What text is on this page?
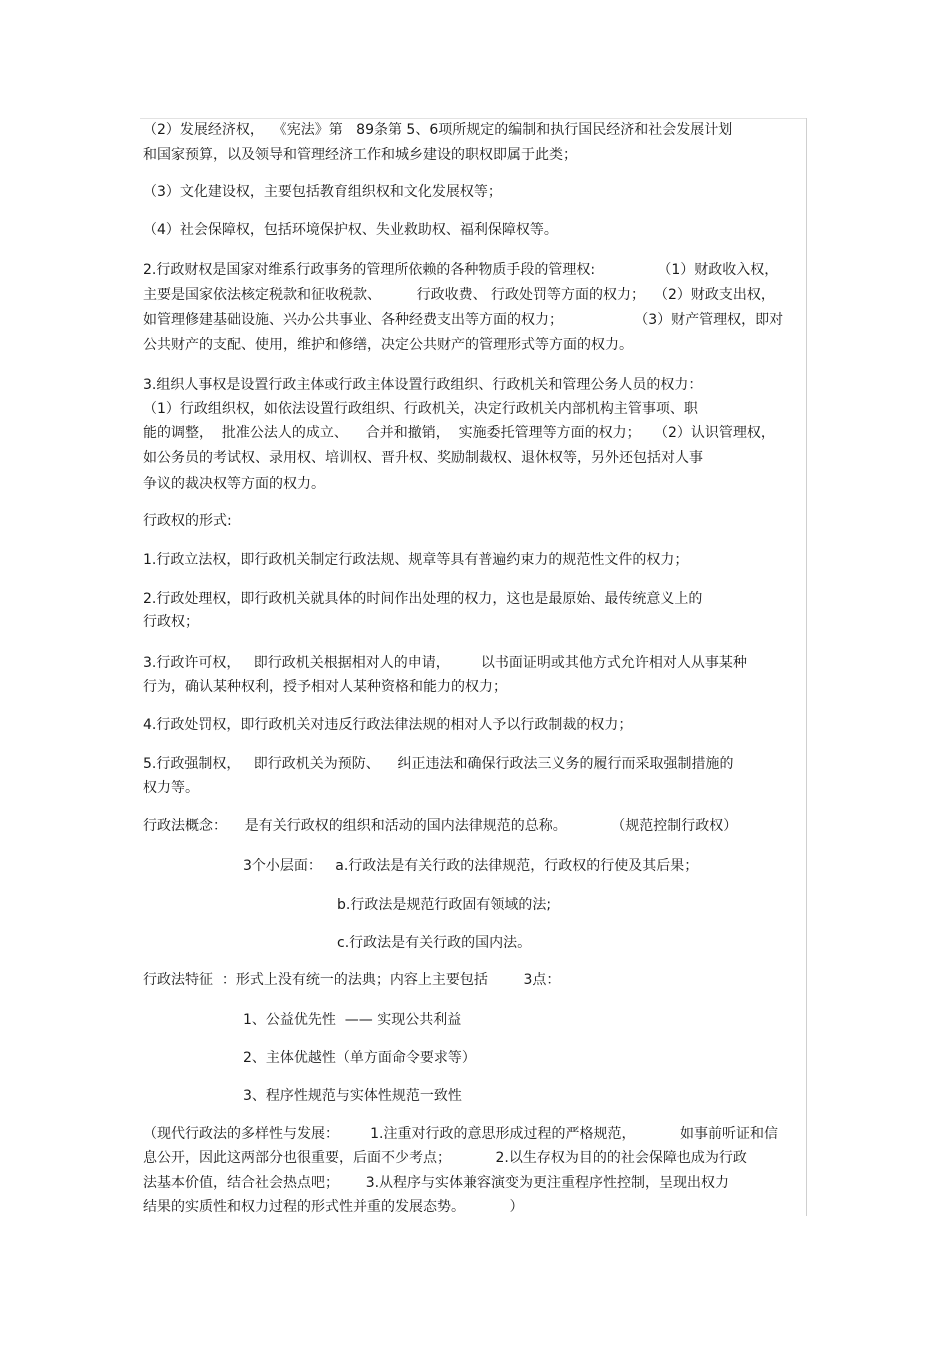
（2）发展经济权，  《宪法》第   89条第 5、6项所规定的编制和执行国民经济和社会发展计划
和国家预算，以及领导和管理经济工作和城乡建设的职权即属于此类；
（3）文化建设权，主要包括教育组织权和文化发展权等；
（4）社会保障权，包括环境保护权、失业救助权、福利保障权等。
2.行政财权是国家对维系行政事务的管理所依赖的各种物质手段的管理权:              （1）财政收入权，
主要是国家依法核定税款和征收税款、        行政收费、 行政处罚等方面的权力；  （2）财政支出权，
如管理修建基础设施、兴办公共事业、各种经费支出等方面的权力；                （3）财产管理权，即对
公共财产的支配、使用，维护和修缮，决定公共财产的管理形式等方面的权力。
3.组织人事权是设置行政主体或行政主体设置行政组织、行政机关和管理公务人员的权力：
（1）行政组织权，如依法设置行政组织、行政机关，决定行政机关内部机构主管事项、职
能的调整，  批准公法人的成立、    合并和撤销，  实施委托管理等方面的权力；   （2）认识管理权，
如公务员的考试权、录用权、培训权、晋升权、奖励制裁权、退休权等，另外还包括对人事
争议的裁决权等方面的权力。
行政权的形式:
1.行政立法权，即行政机关制定行政法规、规章等具有普遍约束力的规范性文件的权力；
2.行政处理权，即行政机关就具体的时间作出处理的权力，这也是最原始、最传统意义上的
行政权；
3.行政许可权，   即行政机关根据相对人的申请，       以书面证明或其他方式允许相对人从事某种
行为，确认某种权利，授予相对人某种资格和能力的权力；
4.行政处罚权，即行政机关对违反行政法律法规的相对人予以行政制裁的权力；
5.行政强制权，   即行政机关为预防、    纠正违法和确保行政法三义务的履行而采取强制措施的
权力等。
行政法概念：    是有关行政权的组织和活动的国内法律规范的总称。          （规范控制行政权）
3个小层面：   a.行政法是有关行政的法律规范，行政权的行使及其后果；
b.行政法是规范行政固有领域的法;
c.行政法是有关行政的国内法。
行政法特征  ：形式上没有统一的法典；内容上主要包括        3点：
1、公益优先性  —— 实现公共利益
2、主体优越性（单方面命令要求等）
3、程序性规范与实体性规范一致性
（现代行政法的多样性与发展：       1.注重对行政的意思形成过程的严格规范，          如事前听证和信
息公开，因此这两部分也很重要，后面不少考点；          2.以生存权为目的的社会保障也成为行政
法基本价值，结合社会热点吧；      3.从程序与实体兼容演变为更注重程序性控制，呈现出权力
结果的实质性和权力过程的形式性并重的发展态势。          ）
